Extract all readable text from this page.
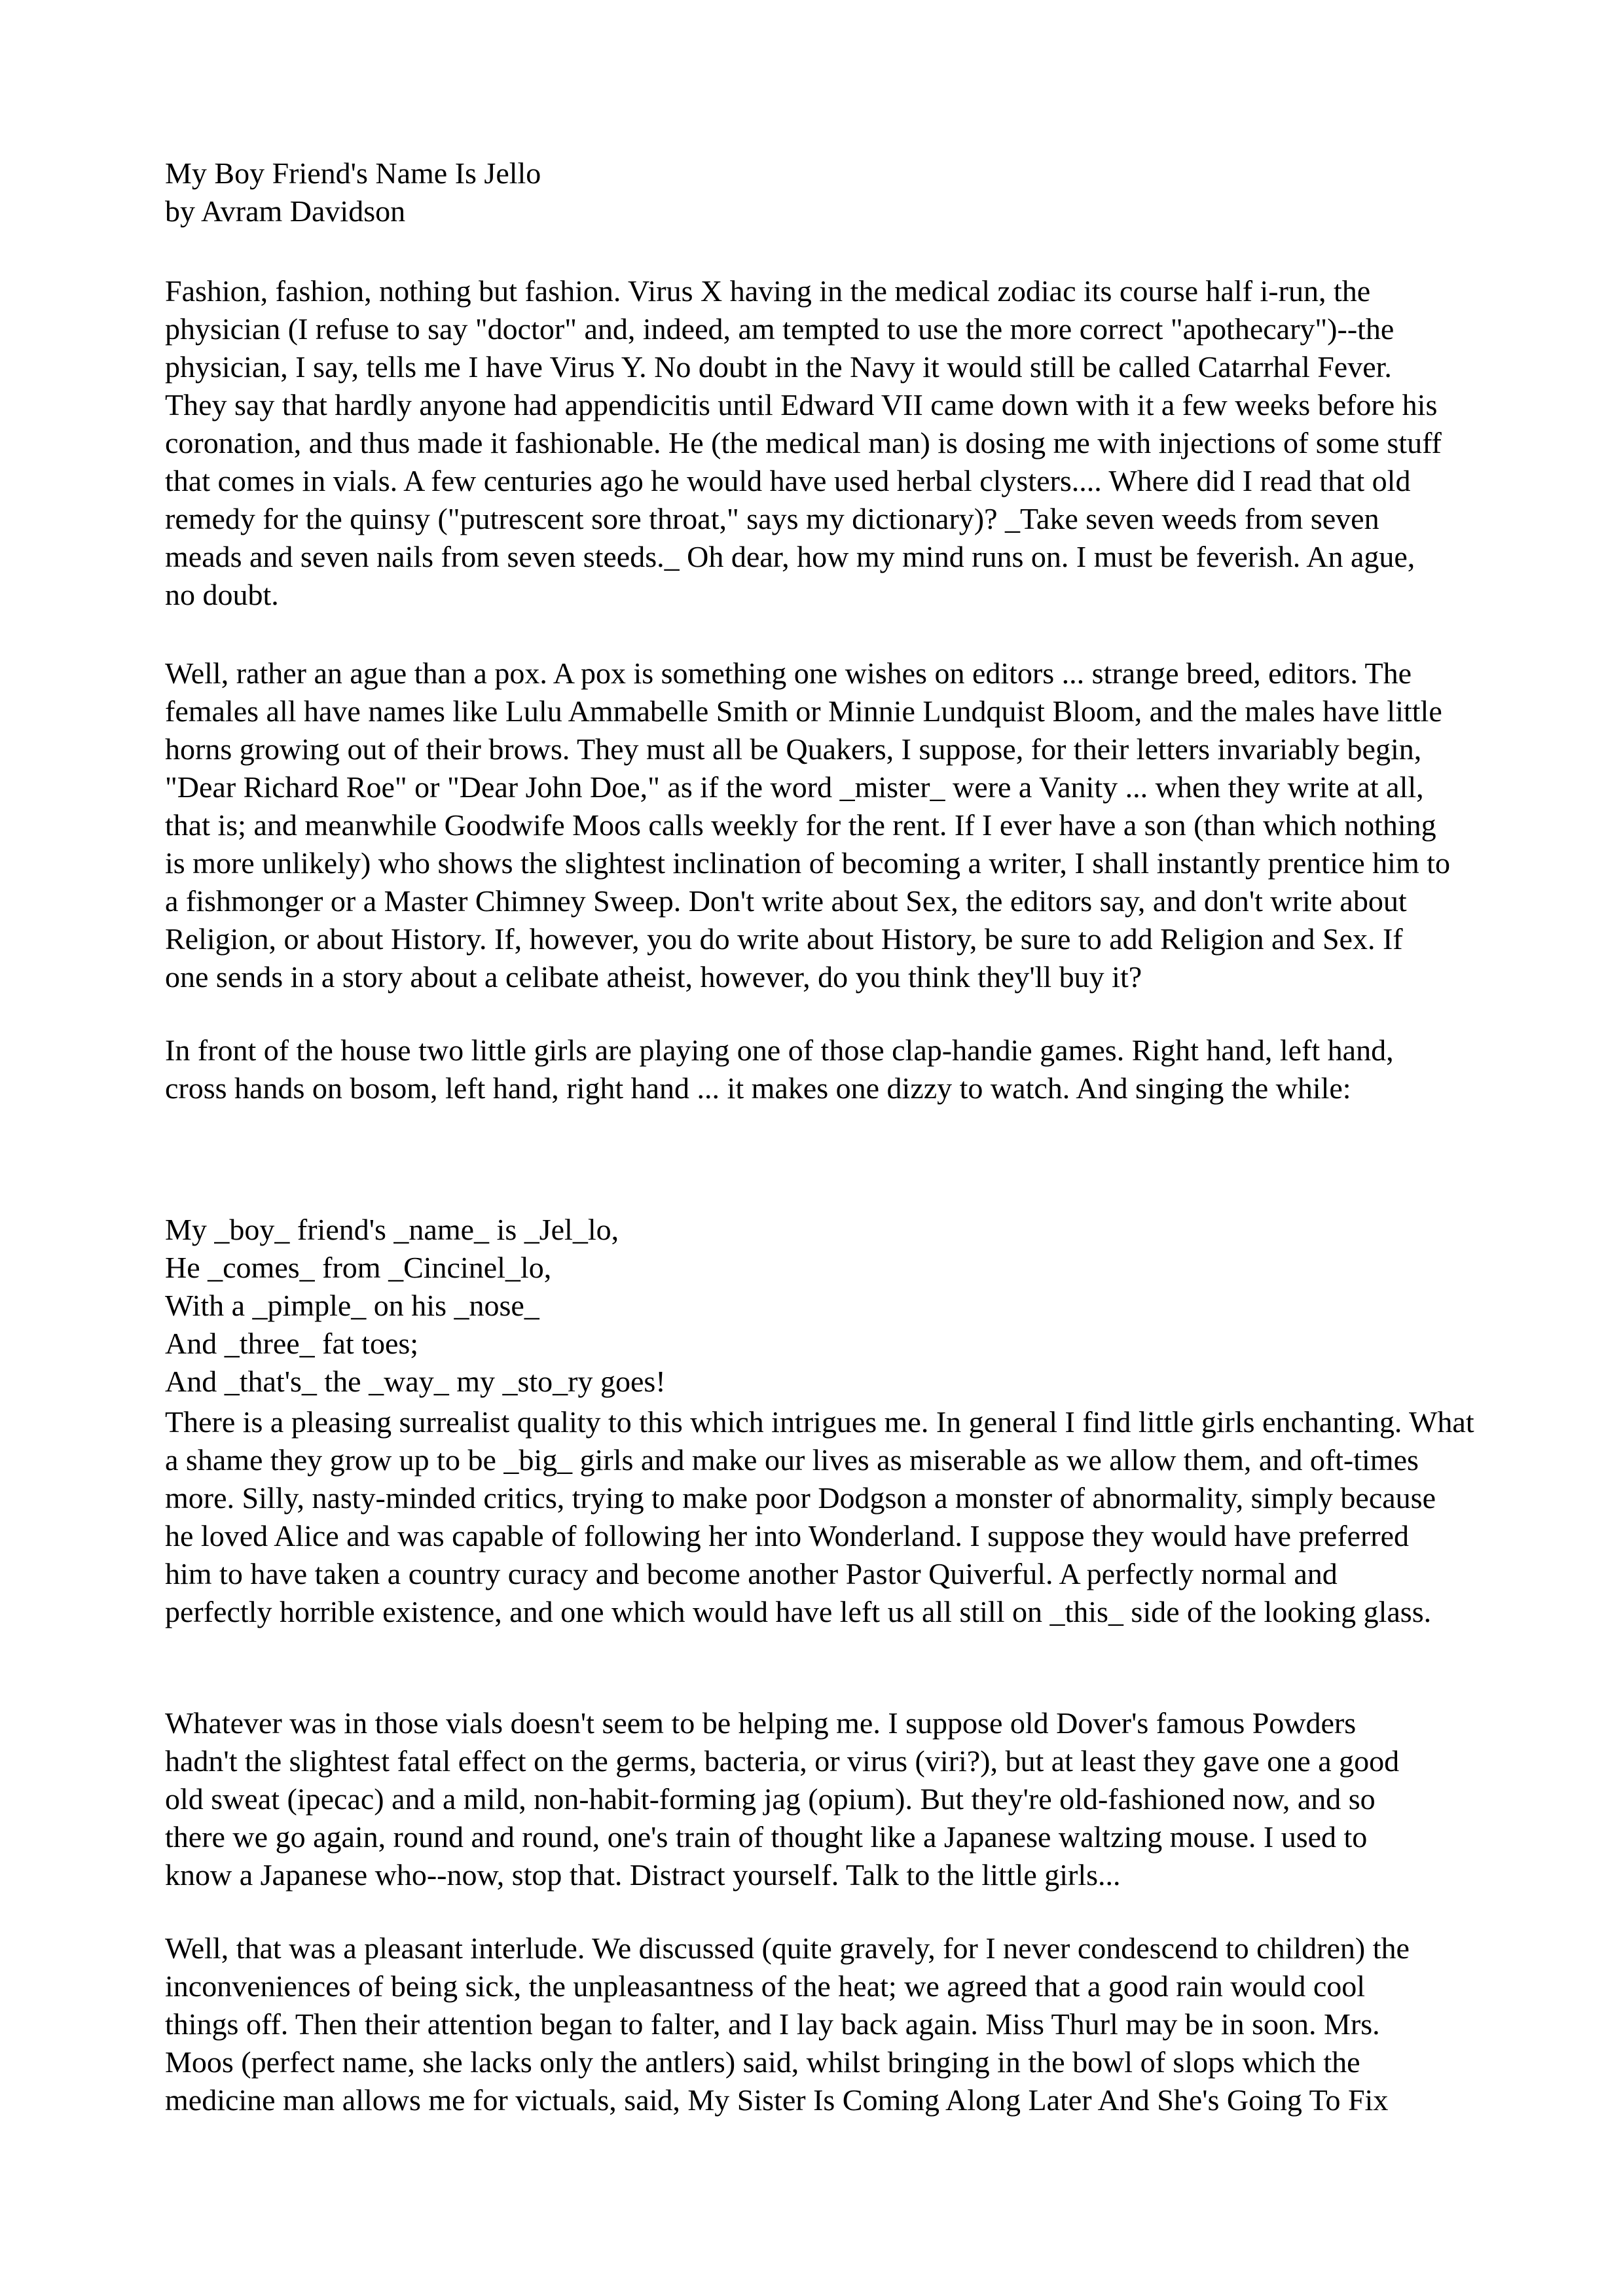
My Boy Friend's Name Is Jello
by Avram Davidson
Fashion, fashion, nothing but fashion. Virus X having in the medical zodiac its course half i-run, the
physician (I refuse to say "doctor" and, indeed, am tempted to use the more correct "apothecary")--the
physician, I say, tells me I have Virus Y. No doubt in the Navy it would still be called Catarrhal Fever.
They say that hardly anyone had appendicitis until Edward VII came down with it a few weeks before his
coronation, and thus made it fashionable. He (the medical man) is dosing me with injections of some stuff
that comes in vials. A few centuries ago he would have used herbal clysters.... Where did I read that old
remedy for the quinsy ("putrescent sore throat," says my dictionary)? _Take seven weeds from seven
meads and seven nails from seven steeds._ Oh dear, how my mind runs on. I must be feverish. An ague,
no doubt.
Well, rather an ague than a pox. A pox is something one wishes on editors ... strange breed, editors. The
females all have names like Lulu Ammabelle Smith or Minnie Lundquist Bloom, and the males have little
horns growing out of their brows. They must all be Quakers, I suppose, for their letters invariably begin,
"Dear Richard Roe" or "Dear John Doe," as if the word _mister_ were a Vanity ... when they write at all,
that is; and meanwhile Goodwife Moos calls weekly for the rent. If I ever have a son (than which nothing
is more unlikely) who shows the slightest inclination of becoming a writer, I shall instantly prentice him to
a fishmonger or a Master Chimney Sweep. Don't write about Sex, the editors say, and don't write about
Religion, or about History. If, however, you do write about History, be sure to add Religion and Sex. If
one sends in a story about a celibate atheist, however, do you think they'll buy it?
In front of the house two little girls are playing one of those clap-handie games. Right hand, left hand,
cross hands on bosom, left hand, right hand ... it makes one dizzy to watch. And singing the while:
My _boy_ friend's _name_ is _Jel_lo,
He _comes_ from _Cincinel_lo,
With a _pimple_ on his _nose_
And _three_ fat toes;
And _that's_ the _way_ my _sto_ry goes!
There is a pleasing surrealist quality to this which intrigues me. In general I find little girls enchanting. What
a shame they grow up to be _big_ girls and make our lives as miserable as we allow them, and oft-times
more. Silly, nasty-minded critics, trying to make poor Dodgson a monster of abnormality, simply because
he loved Alice and was capable of following her into Wonderland. I suppose they would have preferred
him to have taken a country curacy and become another Pastor Quiverful. A perfectly normal and
perfectly horrible existence, and one which would have left us all still on _this_ side of the looking glass.
Whatever was in those vials doesn't seem to be helping me. I suppose old Dover's famous Powders
hadn't the slightest fatal effect on the germs, bacteria, or virus (viri?), but at least they gave one a good
old sweat (ipecac) and a mild, non-habit-forming jag (opium). But they're old-fashioned now, and so
there we go again, round and round, one's train of thought like a Japanese waltzing mouse. I used to
know a Japanese who--now, stop that. Distract yourself. Talk to the little girls...
Well, that was a pleasant interlude. We discussed (quite gravely, for I never condescend to children) the
inconveniences of being sick, the unpleasantness of the heat; we agreed that a good rain would cool
things off. Then their attention began to falter, and I lay back again. Miss Thurl may be in soon. Mrs.
Moos (perfect name, she lacks only the antlers) said, whilst bringing in the bowl of slops which the
medicine man allows me for victuals, said, My Sister Is Coming Along Later And She's Going To Fix
